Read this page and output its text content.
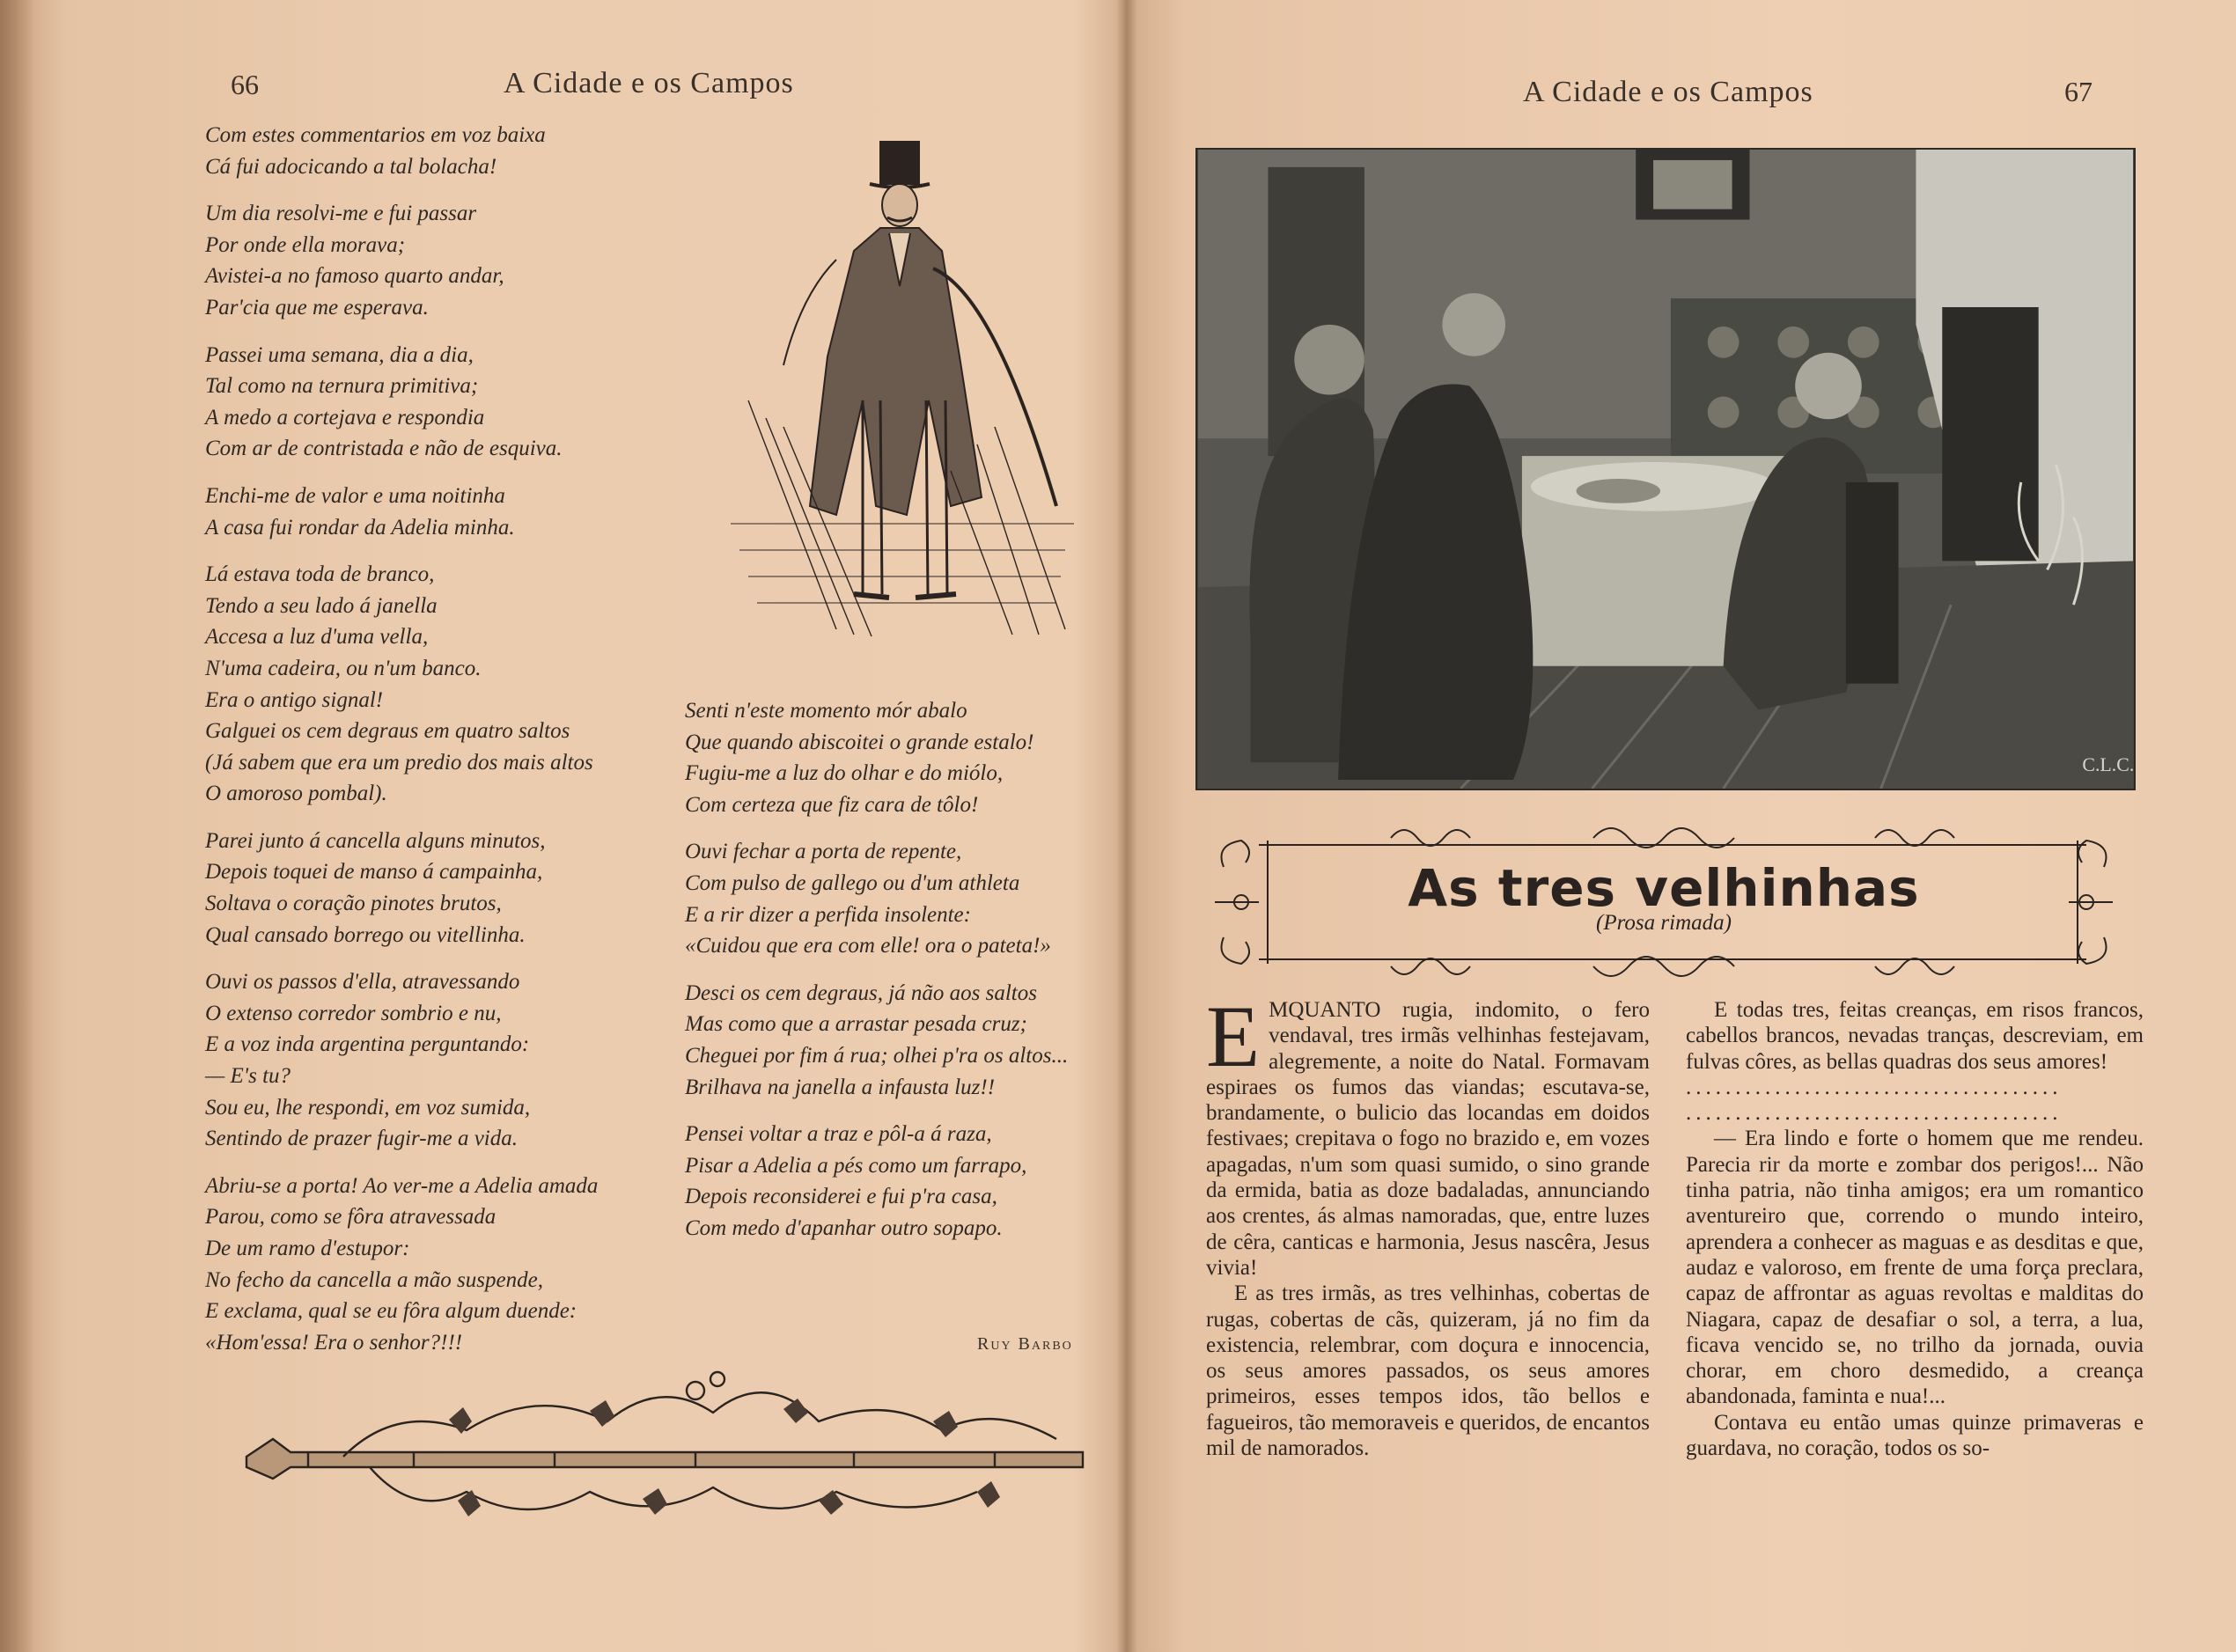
66	A Cidade e os Campos
Com estes commentarios em voz baixa
Cá fui adocicando a tal bolacha!
Um dia resolvi-me e fui passar
Por onde ella morava;
Avistei-a no famoso quarto andar,
Par'cia que me esperava.
Passei uma semana, dia a dia,
Tal como na ternura primitiva;
A medo a cortejava e respondia
Com ar de contristada e não de esquiva.
Enchi-me de valor e uma noitinha
A casa fui rondar da Adelia minha.
Lá estava toda de branco,
Tendo a seu lado á janella
Accesa a luz d'uma vella,
N'uma cadeira, ou n'um banco.
Era o antigo signal!
Galguei os cem degraus em quatro saltos
(Já sabem que era um predio dos mais altos
O amoroso pombal).
Parei junto á cancella alguns minutos,
Depois toquei de manso á campainha,
Soltava o coração pinotes brutos,
Qual cansado borrego ou vitellinha.
Ouvi os passos d'ella, atravessando
O extenso corredor sombrio e nu,
E a voz inda argentina perguntando:
— E's tu?
Sou eu, lhe respondi, em voz sumida,
Sentindo de prazer fugir-me a vida.
Abriu-se a porta! Ao ver-me a Adelia amada
Parou, como se fôra atravessada
De um ramo d'estupor:
No fecho da cancella a mão suspende,
E exclama, qual se eu fôra algum duende:
«Hom'essa! Era o senhor?!!!
Senti n'este momento mór abalo
Que quando abiscoitei o grande estalo!
Fugiu-me a luz do olhar e do miólo,
Com certeza que fiz cara de tôlo!
Ouvi fechar a porta de repente,
Com pulso de gallego ou d'um athleta
E a rir dizer a perfida insolente:
«Cuidou que era com elle! ora o pateta!»
Desci os cem degraus, já não aos saltos
Mas como que a arrastar pesada cruz;
Cheguei por fim á rua; olhei p'ra os altos...
Brilhava na janella a infausta luz!!
Pensei voltar a traz e pôl-a á raza,
Pisar a Adelia a pés como um farrapo,
Depois reconsiderei e fui p'ra casa,
Com medo d'apanhar outro sopapo.
Ruy Barbo
A Cidade e os Campos	67
C.L.C.
As tres velhinhas
(Prosa rimada)

EMQUANTO rugia, indomito, o fero vendaval, tres irmãs velhinhas festejavam, alegremente, a noite do Natal. Formavam espiraes os fumos das viandas; escutava-se, brandamente, o bulicio das locandas em doidos festivaes; crepitava o fogo no brazido e, em vozes apagadas, n'um som quasi sumido, o sino grande da ermida, batia as doze badaladas, annunciando aos crentes, ás almas namoradas, que, entre luzes de cêra, canticas e harmonia, Jesus nascêra, Jesus vivia!

E as tres irmãs, as tres velhinhas, cobertas de rugas, cobertas de cãs, quizeram, já no fim da existencia, relembrar, com doçura e innocencia, os seus amores passados, os seus amores primeiros, esses tempos idos, tão bellos e fagueiros, tão memoraveis e queridos, de encantos mil de namorados.

E todas tres, feitas creanças, em risos francos, cabellos brancos, nevadas tranças, descreviam, em fulvas côres, as bellas quadras dos seus amores!

......................................
......................................

— Era lindo e forte o homem que me rendeu. Parecia rir da morte e zombar dos perigos!... Não tinha patria, não tinha amigos; era um romantico aventureiro que, correndo o mundo inteiro, aprendera a conhecer as maguas e as desditas e que, audaz e valoroso, em frente de uma força preclara, capaz de affrontar as aguas revoltas e malditas do Niagara, capaz de desafiar o sol, a terra, a lua, ficava vencido se, no trilho da jornada, ouvia chorar, em choro desmedido, a creança abandonada, faminta e nua!...

Contava eu então umas quinze primaveras e guardava, no coração, todos os so-
